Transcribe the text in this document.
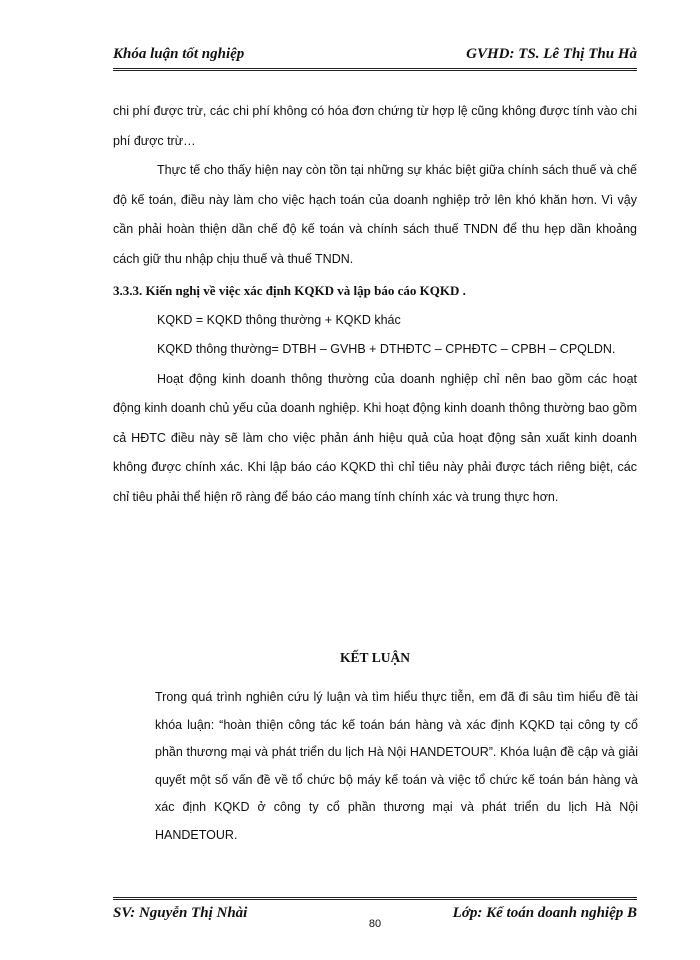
Khóa luận tốt nghiệp	GVHD: TS. Lê Thị Thu Hà

chi phí được trừ, các chi phí không có hóa đơn chứng từ hợp lệ cũng không được tính vào chi phí được trừ…

Thực tế cho thấy hiện nay còn tồn tại những sự khác biệt giữa chính sách thuế và chế độ kế toán, điều này làm cho việc hạch toán của doanh nghiệp trở lên khó khăn hơn. Vì vậy cần phải hoàn thiện dần chế độ kế toán và chính sách thuế TNDN để thu hẹp dần khoảng cách giữ thu nhập chịu thuế và thuế TNDN.

3.3.3. Kiến nghị về việc xác định KQKD và lập báo cáo KQKD .

KQKD = KQKD thông thường + KQKD khác

KQKD thông thường= DTBH – GVHB + DTHĐTC – CPHĐTC – CPBH – CPQLDN.

Hoạt động kinh doanh thông thường của doanh nghiệp chỉ nên bao gồm các hoạt động kinh doanh chủ yếu của doanh nghiệp. Khi hoạt động kinh doanh thông thường bao gồm cả HĐTC điều này sẽ làm cho việc phản ánh hiệu quả của hoạt động sản xuất kinh doanh không được chính xác. Khi lập báo cáo KQKD thì chỉ tiêu này phải được tách riêng biệt, các chỉ tiêu phải thể hiện rõ ràng để báo cáo mang tính chính xác và trung thực hơn.

KẾT LUẬN

Trong quá trình nghiên cứu lý luận và tìm hiểu thực tiễn, em đã đi sâu tìm hiểu đề tài khóa luận: “hoàn thiện công tác kế toán bán hàng và xác định KQKD tại công ty cổ phần thương mại và phát triển du lịch Hà Nội HANDETOUR”. Khóa luận đề cập và giải quyết một số vấn đề về tổ chức bộ máy kế toán và việc tổ chức kế toán bán hàng và xác định KQKD ở công ty cổ phần thương mại và phát triển du lịch Hà Nội HANDETOUR.

SV: Nguyễn Thị Nhài
80
Lớp: Kế toán doanh nghiệp B
